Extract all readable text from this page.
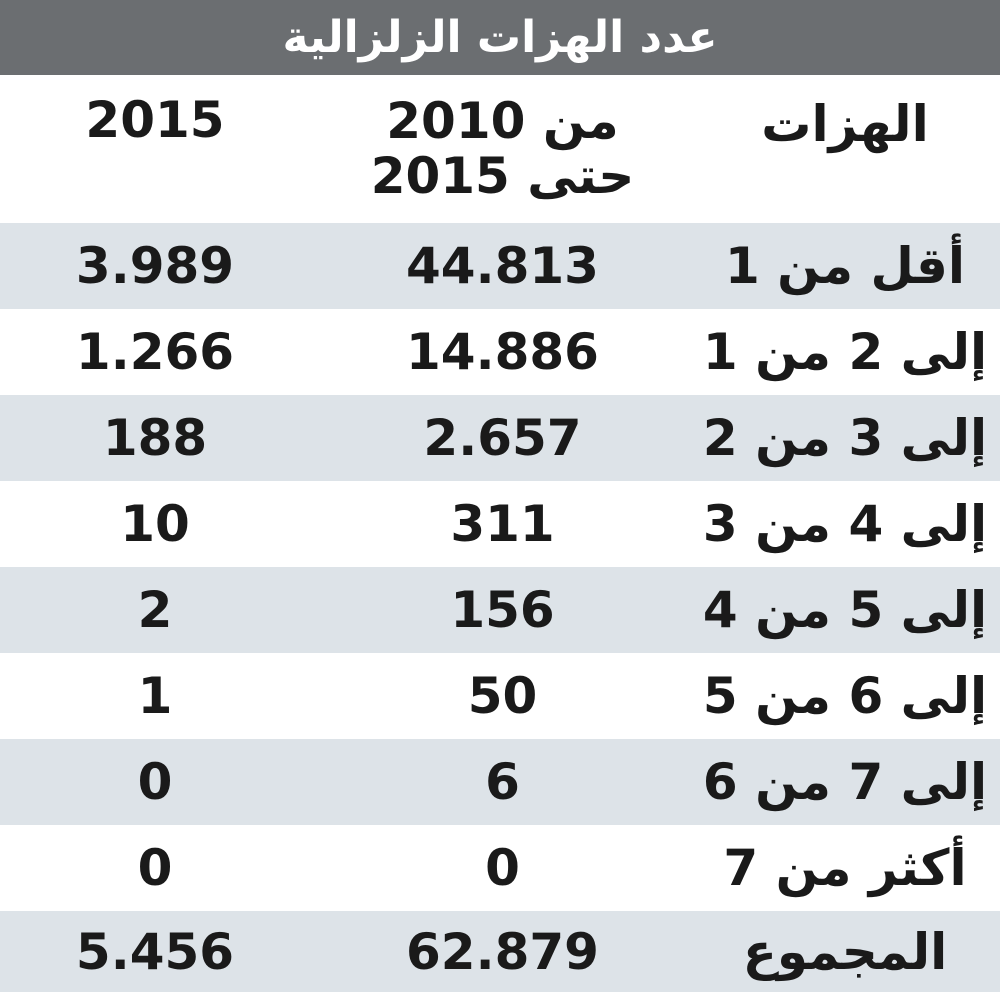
عدد الهزات الزلزالية
الهزات
من 2010
حتى 2015
2015
أقل من 1
44.813
3.989
إلى 2 من 1
14.886
1.266
إلى 3 من 2
2.657
188
إلى 4 من 3
311
10
إلى 5 من 4
156
2
إلى 6 من 5
50
1
إلى 7 من 6
6
0
أكثر من 7
0
0
المجموع
62.879
5.456
